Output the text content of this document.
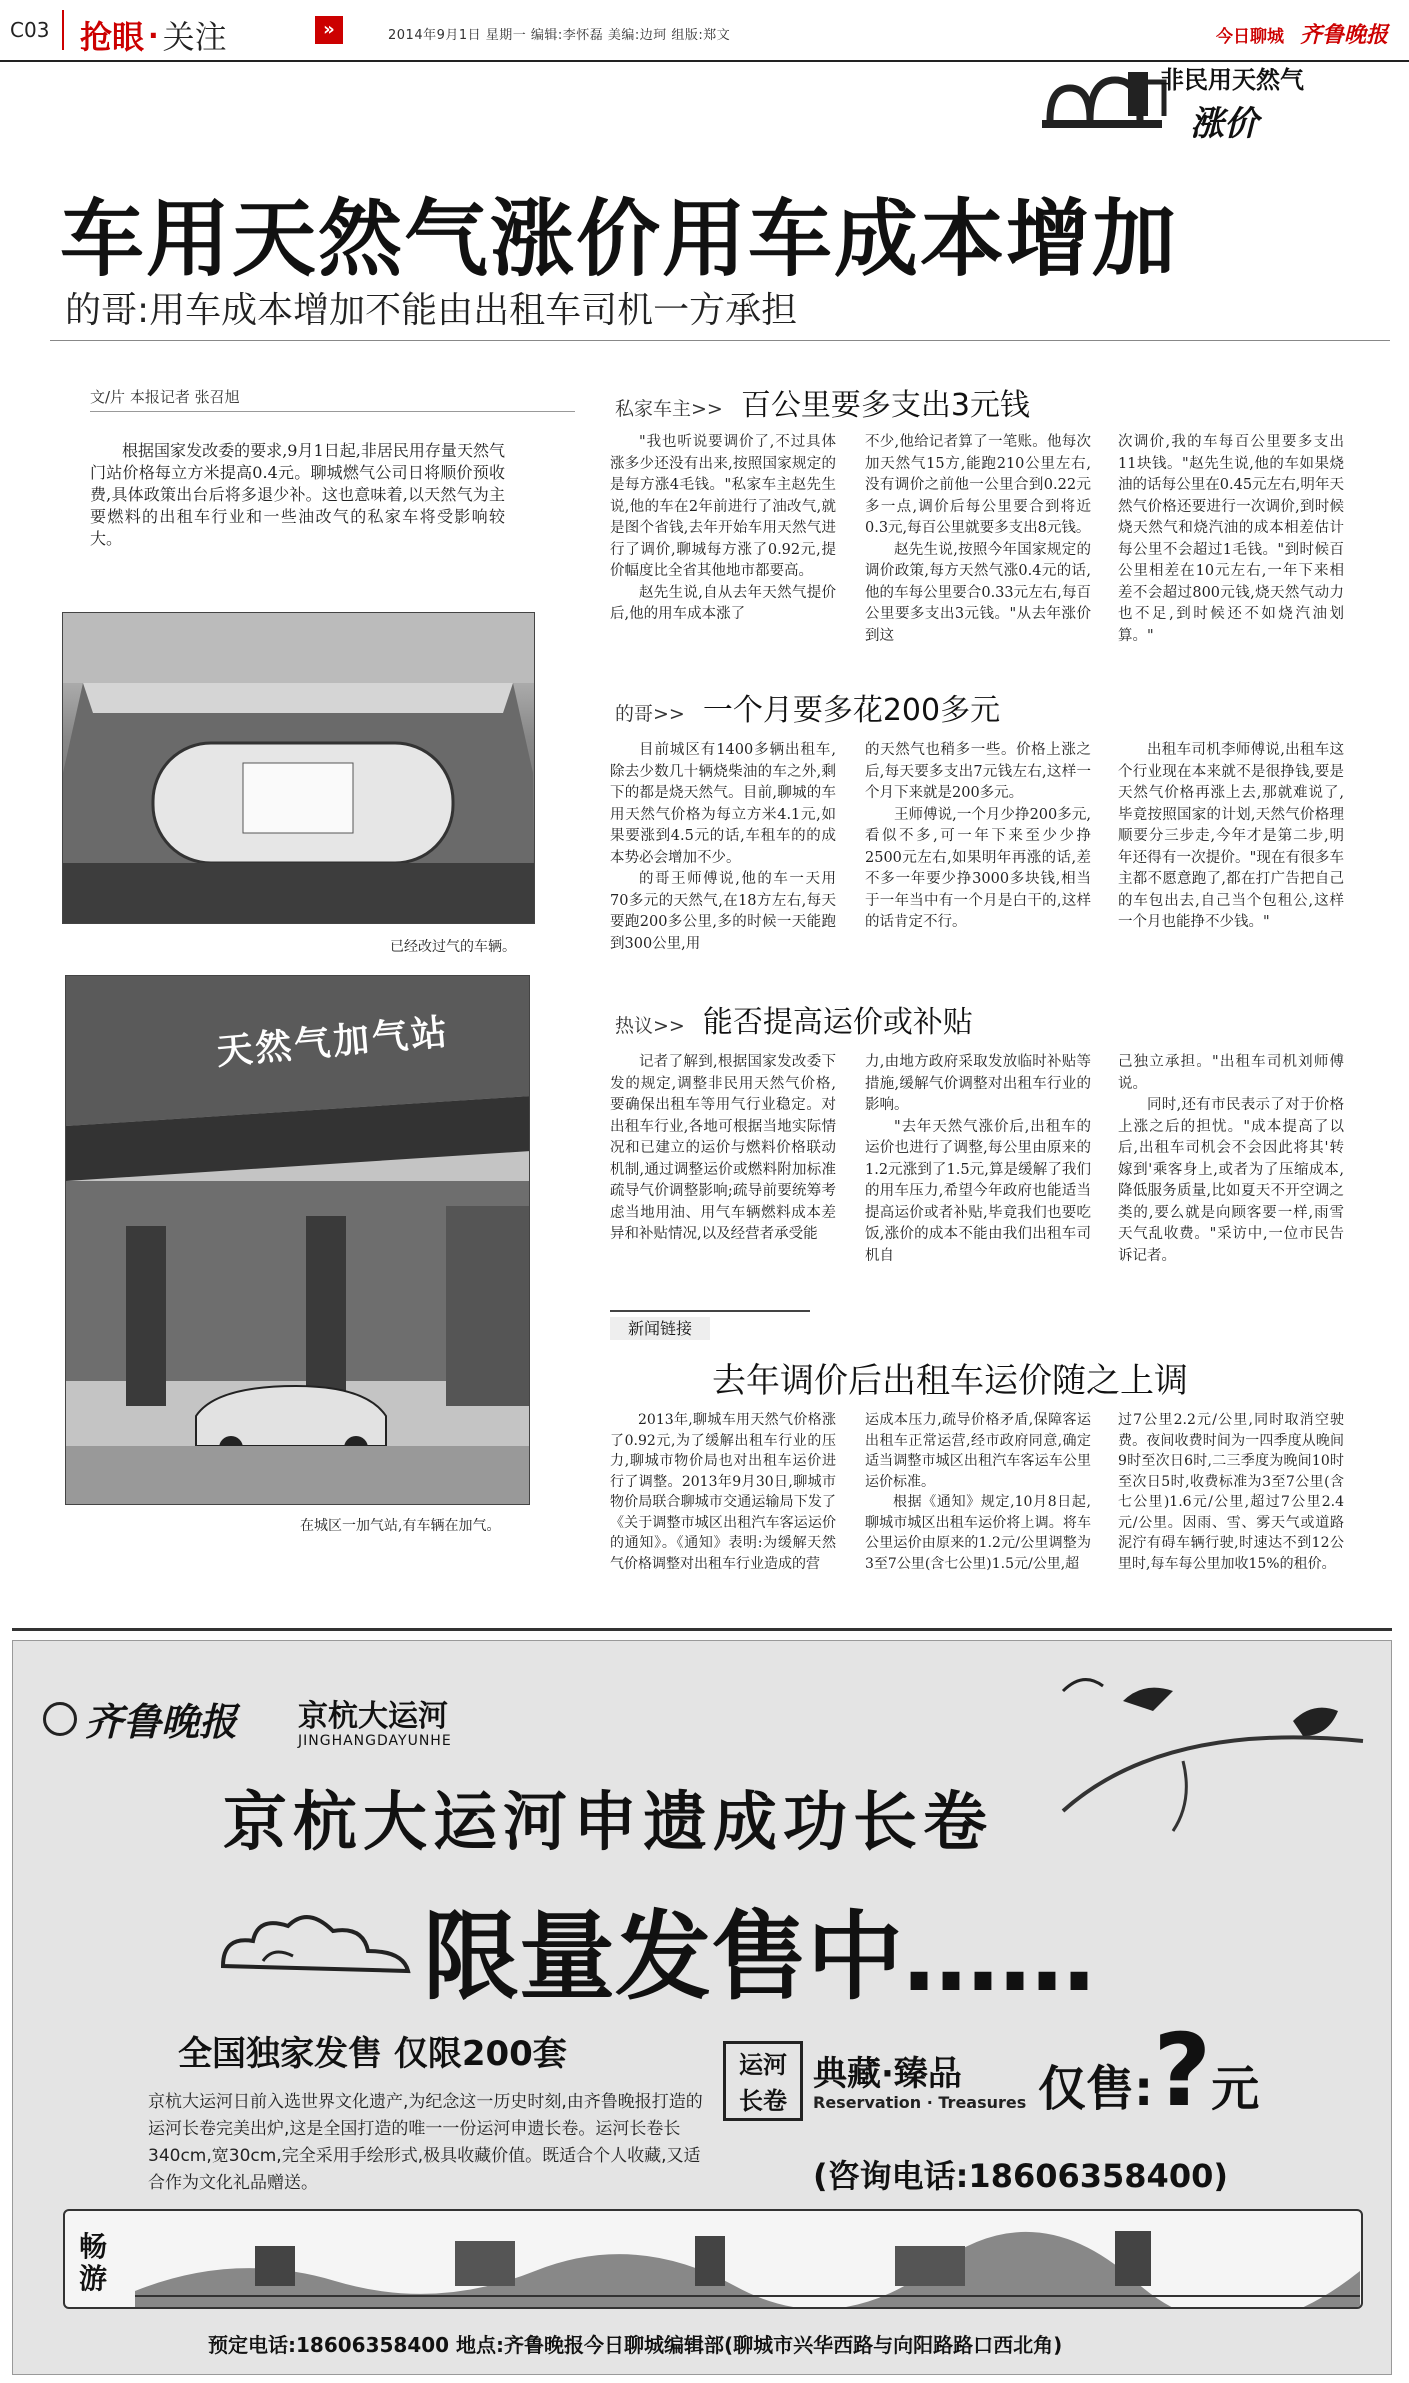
C03 抢眼 · 关注	»	2014年9月1日 星期一 编辑:李怀磊 美编:边珂 组版:郑文	今日聊城 齐鲁晚报
非民用天然气
涨价
车用天然气涨价用车成本增加
的哥:用车成本增加不能由出租车司机一方承担
文/片 本报记者 张召旭

根据国家发改委的要求,9月1日起,非居民用存量天然气门站价格每立方米提高0.4元。聊城燃气公司日将顺价预收费,具体政策出台后将多退少补。这也意味着,以天然气为主要燃料的出租车行业和一些油改气的私家车将受影响较大。

已经改过气的车辆。
天然气加气站
在城区一加气站,有车辆在加气。
私家车主>> 百公里要多支出3元钱

"我也听说要调价了,不过具体涨多少还没有出来,按照国家规定的是每方涨4毛钱。"私家车主赵先生说,他的车在2年前进行了油改气,就是图个省钱,去年开始车用天然气进行了调价,聊城每方涨了0.92元,提价幅度比全省其他地市都要高。

赵先生说,自从去年天然气提价后,他的用车成本涨了

不少,他给记者算了一笔账。他每次加天然气15方,能跑210公里左右,没有调价之前他一公里合到0.22元多一点,调价后每公里要合到将近0.3元,每百公里就要多支出8元钱。

赵先生说,按照今年国家规定的调价政策,每方天然气涨0.4元的话,他的车每公里要合0.33元左右,每百公里要多支出3元钱。"从去年涨价到这

次调价,我的车每百公里要多支出11块钱。"赵先生说,他的车如果烧油的话每公里在0.45元左右,明年天然气价格还要进行一次调价,到时候烧天然气和烧汽油的成本相差估计每公里不会超过1毛钱。"到时候百公里相差在10元左右,一年下来相差不会超过800元钱,烧天然气动力也不足,到时候还不如烧汽油划算。"

的哥>> 一个月要多花200多元

目前城区有1400多辆出租车,除去少数几十辆烧柴油的车之外,剩下的都是烧天然气。目前,聊城的车用天然气价格为每立方米4.1元,如果要涨到4.5元的话,车租车的的成本势必会增加不少。

的哥王师傅说,他的车一天用70多元的天然气,在18方左右,每天要跑200多公里,多的时候一天能跑到300公里,用

的天然气也稍多一些。价格上涨之后,每天要多支出7元钱左右,这样一个月下来就是200多元。

王师傅说,一个月少挣200多元,看似不多,可一年下来至少少挣2500元左右,如果明年再涨的话,差不多一年要少挣3000多块钱,相当于一年当中有一个月是白干的,这样的话肯定不行。

出租车司机李师傅说,出租车这个行业现在本来就不是很挣钱,要是天然气价格再涨上去,那就难说了,毕竟按照国家的计划,天然气价格理顺要分三步走,今年才是第二步,明年还得有一次提价。"现在有很多车主都不愿意跑了,都在打广告把自己的车包出去,自己当个包租公,这样一个月也能挣不少钱。"

热议>> 能否提高运价或补贴

记者了解到,根据国家发改委下发的规定,调整非民用天然气价格,要确保出租车等用气行业稳定。对出租车行业,各地可根据当地实际情况和已建立的运价与燃料价格联动机制,通过调整运价或燃料附加标准疏导气价调整影响;疏导前要统筹考虑当地用油、用气车辆燃料成本差异和补贴情况,以及经营者承受能

力,由地方政府采取发放临时补贴等措施,缓解气价调整对出租车行业的影响。

"去年天然气涨价后,出租车的运价也进行了调整,每公里由原来的1.2元涨到了1.5元,算是缓解了我们的用车压力,希望今年政府也能适当提高运价或者补贴,毕竟我们也要吃饭,涨价的成本不能由我们出租车司机自

己独立承担。"出租车司机刘师傅说。

同时,还有市民表示了对于价格上涨之后的担忧。"成本提高了以后,出租车司机会不会因此将其'转嫁到'乘客身上,或者为了压缩成本,降低服务质量,比如夏天不开空调之类的,要么就是向顾客要一样,雨雪天气乱收费。"采访中,一位市民告诉记者。

新闻链接
去年调价后出租车运价随之上调

2013年,聊城车用天然气价格涨了0.92元,为了缓解出租车行业的压力,聊城市物价局也对出租车运价进行了调整。2013年9月30日,聊城市物价局联合聊城市交通运输局下发了《关于调整市城区出租汽车客运运价的通知》。《通知》表明:为缓解天然气价格调整对出租车行业造成的营

运成本压力,疏导价格矛盾,保障客运出租车正常运营,经市政府同意,确定适当调整市城区出租汽车客运车公里运价标准。

根据《通知》规定,10月8日起,聊城市城区出租车运价将上调。将车公里运价由原来的1.2元/公里调整为3至7公里(含七公里)1.5元/公里,超

过7公里2.2元/公里,同时取消空驶费。夜间收费时间为一四季度从晚间9时至次日6时,二三季度为晚间10时至次日5时,收费标准为3至7公里(含七公里)1.6元/公里,超过7公里2.4元/公里。因雨、雪、雾天气或道路泥泞有碍车辆行驶,时速达不到12公里时,每车每公里加收15%的租价。

齐鲁晚报 京杭大运河
JINGHANGDAYUNHE
京杭大运河申遗成功长卷
限量发售中……
全国独家发售 仅限200套
京杭大运河日前入选世界文化遗产,为纪念这一历史时刻,由齐鲁晚报打造的运河长卷完美出炉,这是全国打造的唯一一份运河申遗长卷。运河长卷长340cm,宽30cm,完全采用手绘形式,极具收藏价值。既适合个人收藏,又适合作为文化礼品赠送。
运河长卷
典藏·臻品
Reservation · Treasures 仅售: ? 元
(咨询电话:18606358400)
畅游
预定电话:18606358400 地点:齐鲁晚报今日聊城编辑部(聊城市兴华西路与向阳路路口西北角)
